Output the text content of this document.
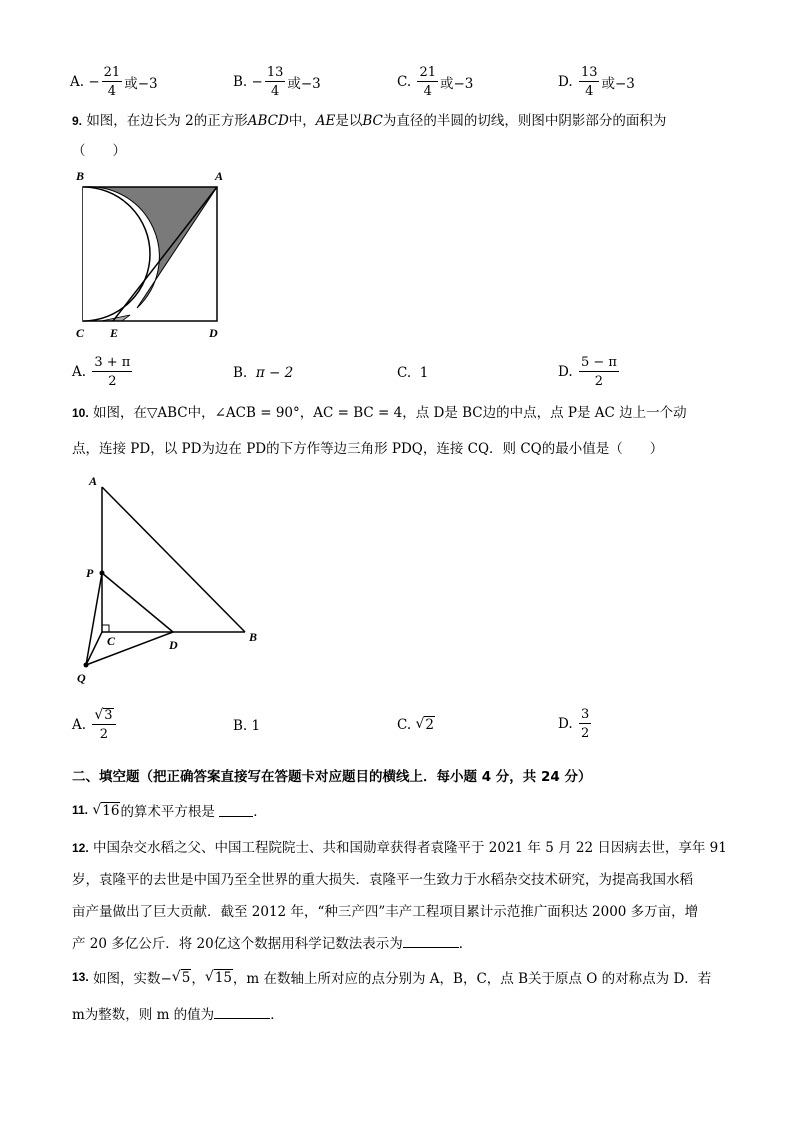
A.
− $\frac{21}{4}$ 或−3	B.
− $\frac{13}{4}$ 或−3	C.
$\frac{21}{4}$ 或−3	D.
$\frac{13}{4}$ 或−3
9. 如图，在边长为 2的正方形ABCD中，AE是以BC为直径的半圆的切线，则图中阴影部分的面积为
（　　）
B	A
C E	D
A.
$\frac{3 + \pi}{2}$	B.
π − 2	C.
1	D.
$\frac{5 - \pi}{2}$
10. 如图，在▽ABC中，∠ACB = 90°，AC = BC = 4，点 D是 BC边的中点，点 P是 AC 边上一个动
点，连接 PD，以 PD为边在 PD的下方作等边三角形 PDQ，连接 CQ．则 CQ的最小值是（　　）
A
P
C	D
B
Q
A.
$\frac{√ 3}{2}$	B.
1	C.
√ 2	D.
$\frac{3}{2}$
二、填空题（把正确答案直接写在答题卡对应题目的横线上．每小题 4 分，共 24 分）
11.
√ 16 的算术平方根是
	．
12. 中国杂交水稻之父、中国工程院院士、共和国勋章获得者袁隆平于 2021 年 5 月 22 日因病去世，享年 91
岁，袁隆平的去世是中国乃至全世界的重大损失．袁隆平一生致力于水稻杂交技术研究，为提高我国水稻
亩产量做出了巨大贡献．截至 2012 年，“种三产四”丰产工程项目累计示范推广面积达 2000 多万亩，增
产 20 多亿公斤．将 20亿这个数据用科学记数法表示为	．
13.
如图，实数− √ 5 ， √ 15 ，m 在数轴上所对应的点分别为 A，B，C，点 B关于原点 O 的对称点为 D．若
m为整数，则 m 的值为	．
